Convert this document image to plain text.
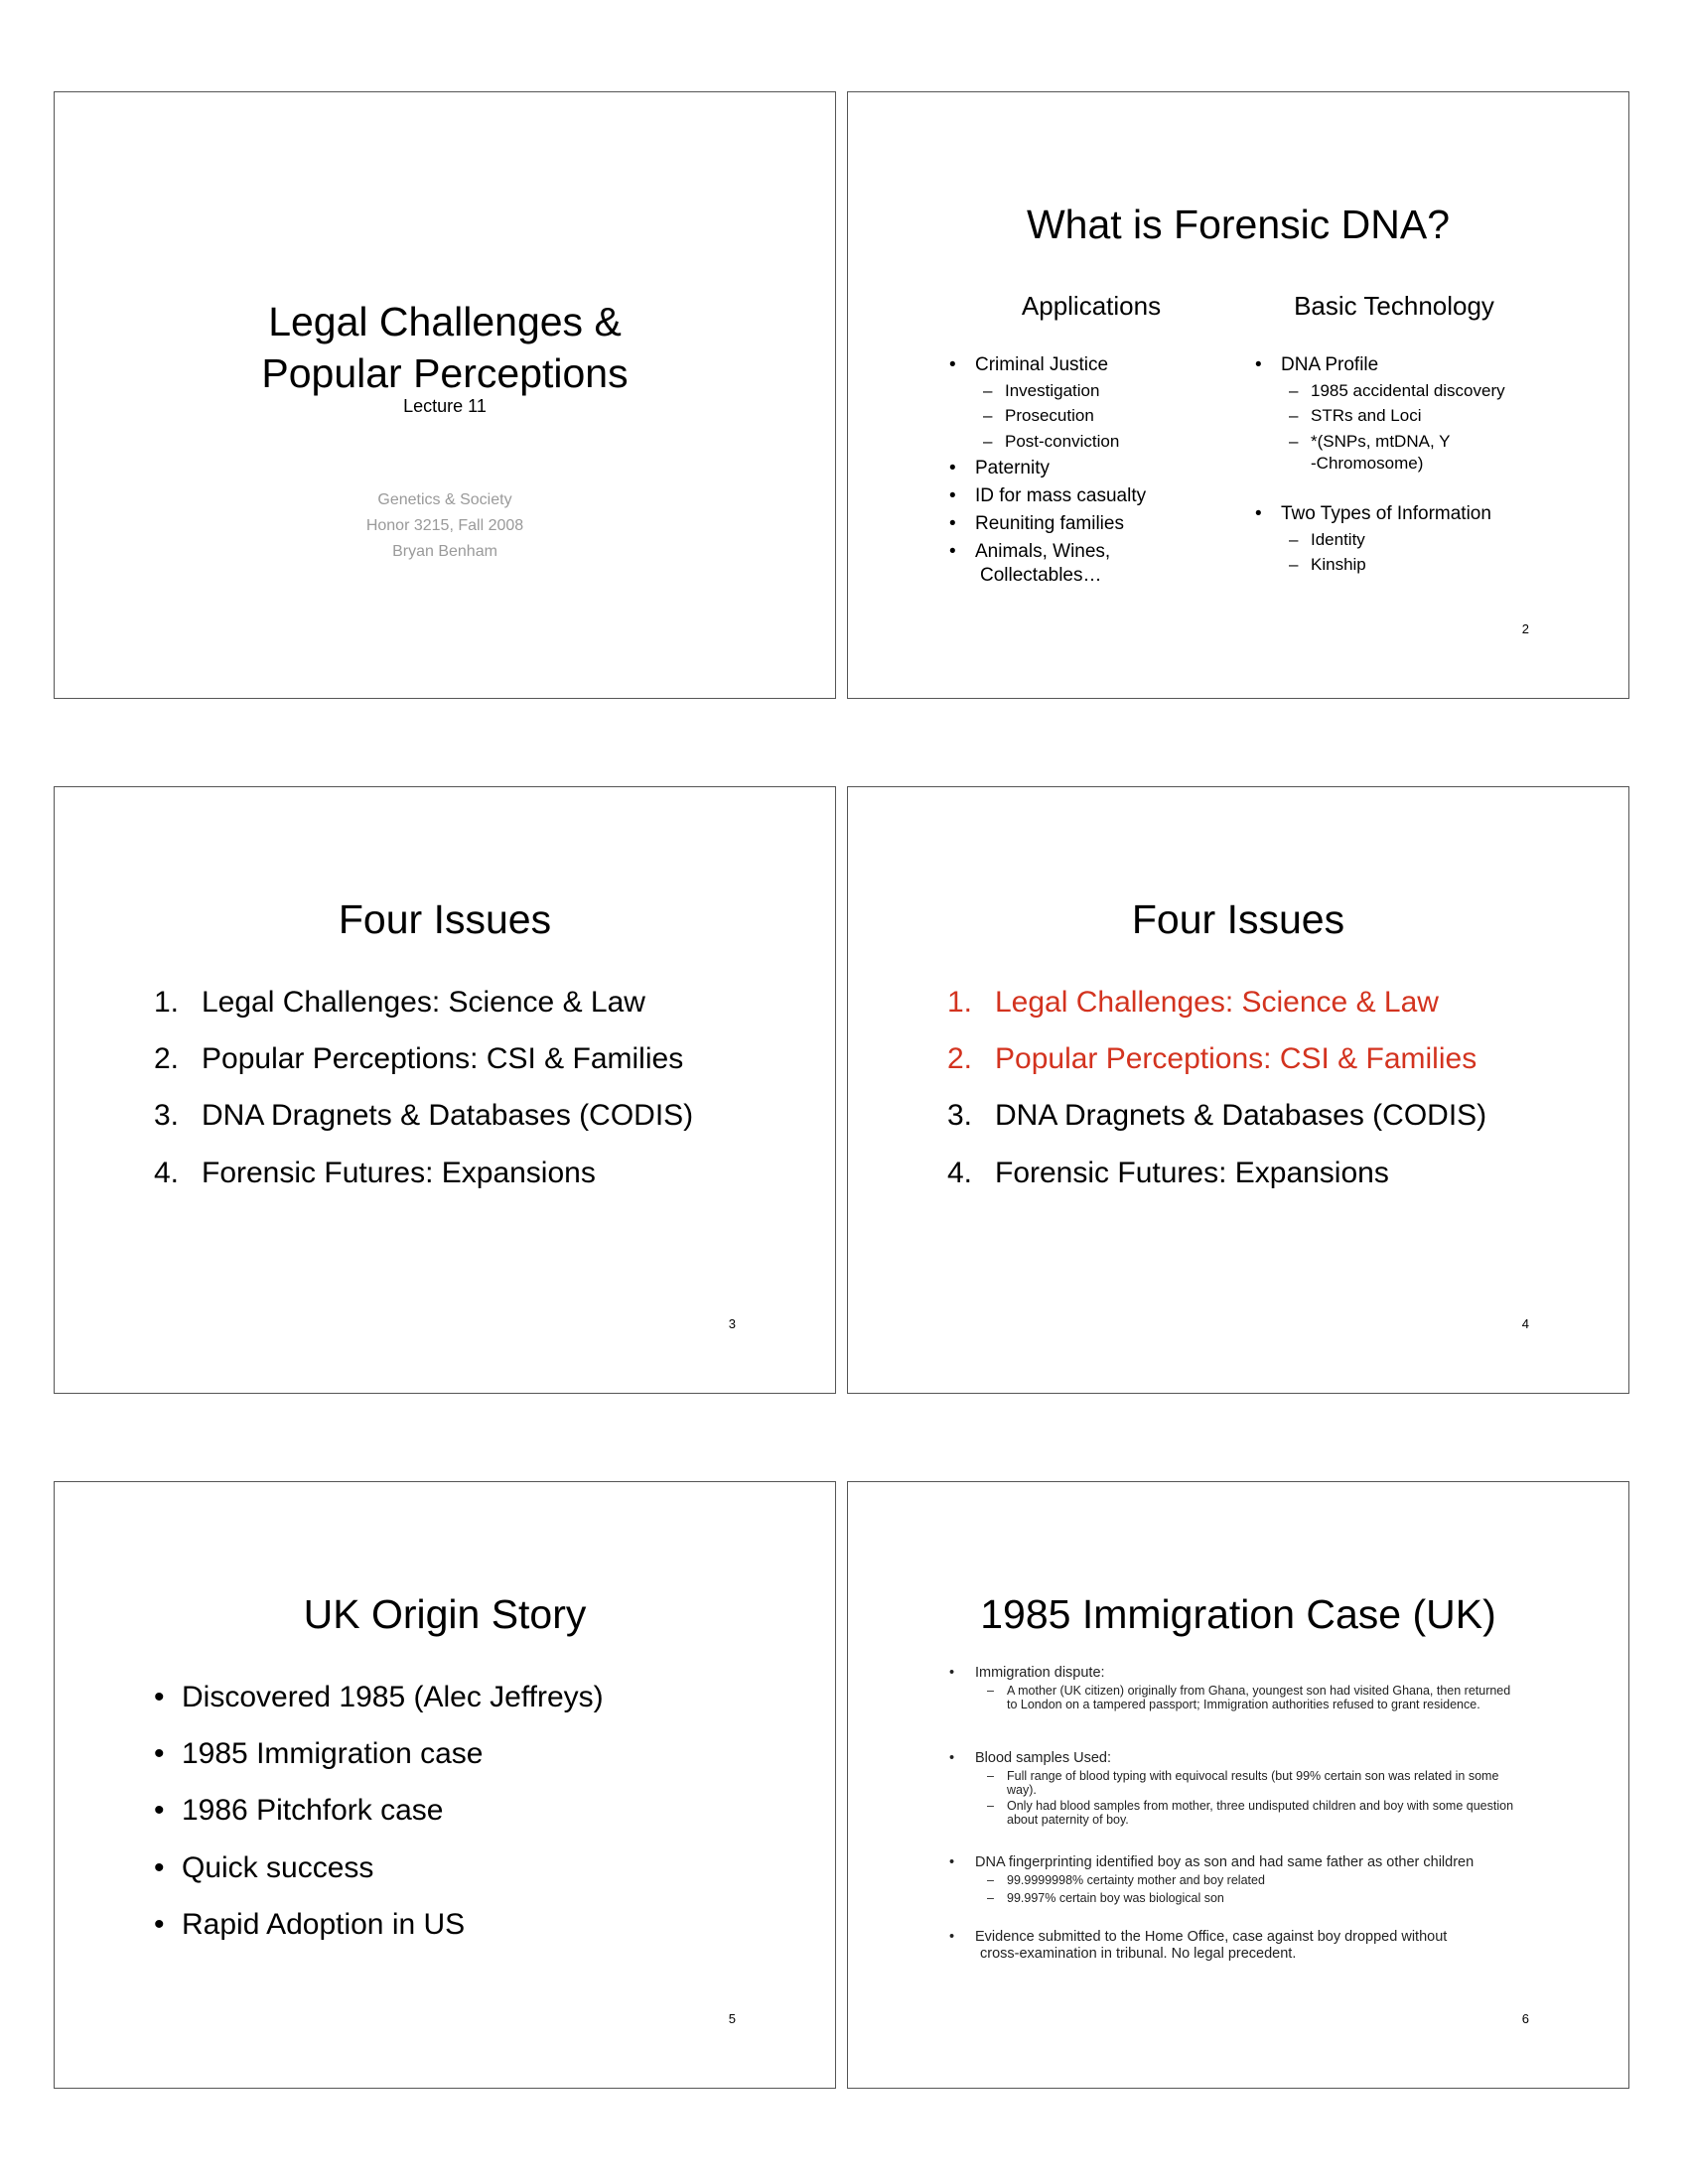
Legal Challenges &
Popular Perceptions
Lecture 11
Genetics & Society
Honor 3215, Fall 2008
Bryan Benham
What is Forensic DNA?
Applications	Basic Technology
• Criminal Justice
– Investigation
– Prosecution
– Post-conviction
• Paternity
• ID for mass casualty
• Reuniting families
• Animals, Wines,
Collectables…
• DNA Profile
– 1985 accidental discovery
– STRs and Loci
– *(SNPs, mtDNA, Y
-Chromosome)
• Two Types of Information
– Identity
– Kinship
2
Four Issues
1. Legal Challenges: Science & Law
2. Popular Perceptions: CSI & Families
3. DNA Dragnets & Databases (CODIS)
4. Forensic Futures: Expansions
3
Four Issues
1. Legal Challenges: Science & Law
2. Popular Perceptions: CSI & Families
3. DNA Dragnets & Databases (CODIS)
4. Forensic Futures: Expansions
4
UK Origin Story
• Discovered 1985 (Alec Jeffreys)
• 1985 Immigration case
• 1986 Pitchfork case
• Quick success
• Rapid Adoption in US
5
1985 Immigration Case (UK)
• Immigration dispute:
– A mother (UK citizen) originally from Ghana, youngest son had visited Ghana, then returned to London on a tampered passport; Immigration authorities refused to grant residence.
• Blood samples Used:
– Full range of blood typing with equivocal results (but 99% certain son was related in some way).
– Only had blood samples from mother, three undisputed children and boy with some question about paternity of boy.
• DNA fingerprinting identified boy as son and had same father as other children
– 99.9999998% certainty mother and boy related
– 99.997% certain boy was biological son
• Evidence submitted to the Home Office, case against boy dropped without
cross-examination in tribunal. No legal precedent.
6
